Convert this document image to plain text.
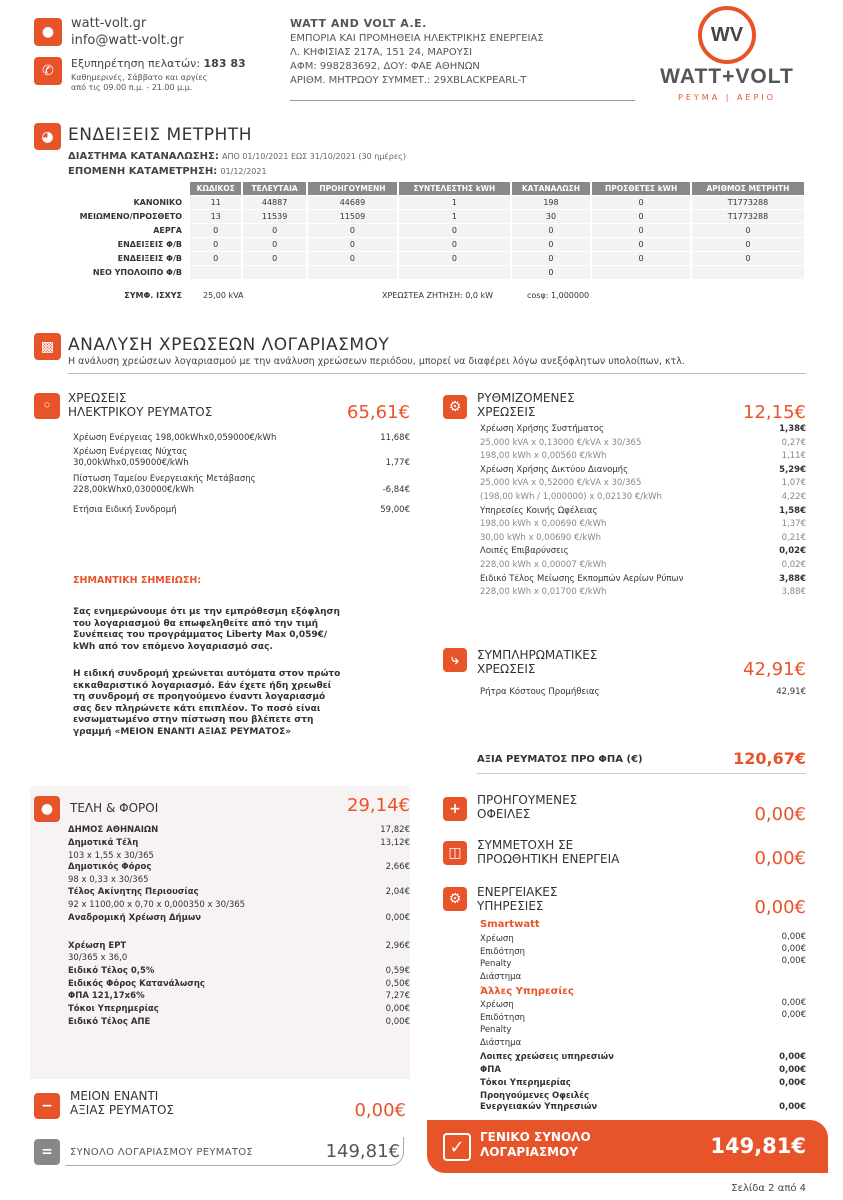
●
watt-volt.gr
info@watt-volt.gr
✆	Εξυπηρέτηση πελατών: 183 83
Καθημερινές, Σάββατο και αργίες
από τις 09.00 π.μ. - 21.00 μ.μ.
WATT AND VOLT A.E.
ΕΜΠΟΡΙΑ ΚΑΙ ΠΡΟΜΗΘΕΙΑ ΗΛΕΚΤΡΙΚΗΣ ΕΝΕΡΓΕΙΑΣ
Λ. ΚΗΦΙΣΙΑΣ 217Α, 151 24, ΜΑΡΟΥΣΙ
ΑΦΜ: 998283692, ΔΟΥ: ΦΑΕ ΑΘΗΝΩΝ
ΑΡΙΘΜ. ΜΗΤΡΩΟΥ ΣΥΜΜΕΤ.: 29XBLACKPEARL-T
WV
WATT+VOLT
ΡΕΥΜΑ | ΑΕΡΙΟ
◕ ΕΝΔΕΙΞΕΙΣ ΜΕΤΡΗΤΗ
ΔΙΑΣΤΗΜΑ ΚΑΤΑΝΑΛΩΣΗΣ: ΑΠΟ 01/10/2021 ΕΩΣ 31/10/2021 (30 ημέρες)
ΕΠΟΜΕΝΗ ΚΑΤΑΜΕΤΡΗΣΗ: 01/12/2021
	ΚΩΔΙΚΟΣ	ΤΕΛΕΥΤΑΙΑ	ΠΡΟΗΓΟΥΜΕΝΗ	ΣΥΝΤΕΛΕΣΤΗΣ kWH	ΚΑΤΑΝΑΛΩΣΗ	ΠΡΟΣΘΕΤΕΣ kWH	ΑΡΙΘΜΟΣ ΜΕΤΡΗΤΗ
ΚΑΝΟΝΙΚΟ	11	44887	44689	1	198	0	T1773288
ΜΕΙΩΜΕΝΟ/ΠΡΟΣΘΕΤΟ	13	11539	11509	1	30	0	T1773288
ΑΕΡΓΑ	0	0	0	0	0	0	0
ΕΝΔΕΙΞΕΙΣ Φ/Β	0	0	0	0	0	0	0
ΕΝΔΕΙΞΕΙΣ Φ/Β	0	0	0	0	0	0	0
ΝΕΟ ΥΠΟΛΟΙΠΟ Φ/Β					0		
ΣΥΜΦ. ΙΣΧΥΣ	25,00 kVA	ΧΡΕΩΣΤΕΑ ΖΗΤΗΣΗ: 0,0 kW	cosφ: 1,000000
▩ ΑΝΑΛΥΣΗ ΧΡΕΩΣΕΩΝ ΛΟΓΑΡΙΑΣΜΟΥ
Η ανάλυση χρεώσεων λογαριασμού με την ανάλυση χρεώσεων περιόδου, μπορεί να διαφέρει λόγω ανεξόφλητων υπολοίπων, κτλ.
◦	ΧΡΕΩΣΕΙΣ
ΗΛΕΚΤΡΙΚΟΥ ΡΕΥΜΑΤΟΣ	65,61€
Χρέωση Ενέργειας 198,00kWhx0,059000€/kWh	11,68€
Χρέωση Ενέργειας Νύχτας
30,00kWhx0,059000€/kWh	1,77€
Πίστωση Ταμείου Ενεργειακής Μετάβασης
228,00kWhx0,030000€/kWh	-6,84€
Ετήσια Ειδική Συνδρομή	59,00€
ΣΗΜΑΝΤΙΚΗ ΣΗΜΕΙΩΣΗ:
Σας ενημερώνουμε ότι με την εμπρόθεσμη εξόφληση
του λογαριασμού θα επωφεληθείτε από την τιμή
Συνέπειας του προγράμματος Liberty Max 0,059€/
kWh από τον επόμενο λογαριασμό σας.
Η ειδική συνδρομή χρεώνεται αυτόματα στον πρώτο
εκκαθαριστικό λογαριασμό. Εάν έχετε ήδη χρεωθεί
τη συνδρομή σε προηγούμενο έναντι λογαριασμό
σας δεν πληρώνετε κάτι επιπλέον. Το ποσό είναι
ενσωματωμένο στην πίστωση που βλέπετε στη
γραμμή «ΜΕΙΟΝ ΕΝΑΝΤΙ ΑΞΙΑΣ ΡΕΥΜΑΤΟΣ»
⚙
ΡΥΘΜΙΖΟΜΕΝΕΣ
ΧΡΕΩΣΕΙΣ	12,15€
Χρέωση Χρήσης Συστήματος	1,38€
25,000 kVA x 0,13000 €/kVA x 30/365	0,27€
198,00 kWh x 0,00560 €/kWh	1,11€
Χρέωση Χρήσης Δικτύου Διανομής	5,29€
25,000 kVA x 0,52000 €/kVA x 30/365	1,07€
(198,00 kWh / 1,000000) x 0,02130 €/kWh	4,22€
Υπηρεσίες Κοινής Ωφέλειας	1,58€
198,00 kWh x 0,00690 €/kWh	1,37€
30,00 kWh x 0,00690 €/kWh	0,21€
Λοιπές Επιβαρύνσεις	0,02€
228,00 kWh x 0,00007 €/kWh	0,02€
Ειδικό Τέλος Μείωσης Εκπομπών Αερίων Ρύπων	3,88€
228,00 kWh x 0,01700 €/kWh	3,88€
⤷	ΣΥΜΠΛΗΡΩΜΑΤΙΚΕΣ
ΧΡΕΩΣΕΙΣ	42,91€
Ρήτρα Κόστους Προμήθειας	42,91€
ΑΞΙΑ ΡΕΥΜΑΤΟΣ ΠΡΟ ΦΠΑ (€)	120,67€
●	ΤΕΛΗ & ΦΟΡΟΙ	29,14€
ΔΗΜΟΣ ΑΘΗΝΑΙΩΝ	17,82€
Δημοτικά Τέλη	13,12€
103 x 1,55 x 30/365
Δημοτικός Φόρος	2,66€
98 x 0,33 x 30/365
Τέλος Ακίνητης Περιουσίας	2,04€
92 x 1100,00 x 0,70 x 0,000350 x 30/365
Αναδρομική Χρέωση Δήμων	0,00€
Χρέωση ΕΡΤ	2,96€
30/365 x 36,0
Ειδικό Τέλος 0,5%	0,59€
Ειδικός Φόρος Κατανάλωσης	0,50€
ΦΠΑ 121,17x6%	7,27€
Τόκοι Υπερημερίας	0,00€
Ειδικό Τέλος ΑΠΕ	0,00€
+
ΠΡΟΗΓΟΥΜΕΝΕΣ
ΟΦΕΙΛΕΣ	0,00€
◫	ΣΥΜΜΕΤΟΧΗ ΣΕ
ΠΡΟΩΘΗΤΙΚΗ ΕΝΕΡΓΕΙΑ	0,00€
⚙	ΕΝΕΡΓΕΙΑΚΕΣ
ΥΠΗΡΕΣΙΕΣ	0,00€
Smartwatt
Χρέωση	0,00€
Επιδότηση	0,00€
Penalty	0,00€
Διάστημα
Άλλες Υπηρεσίες
Χρέωση	0,00€
Επιδότηση	0,00€
Penalty
Διάστημα
Λοιπες χρεώσεις υπηρεσιών	0,00€
ΦΠΑ	0,00€
Τόκοι Υπερημερίας	0,00€
Προηγούμενες Οφειλές
Ενεργειακών Υπηρεσιών	0,00€
−
ΜΕΙΟΝ ΕΝΑΝΤΙ
ΑΞΙΑΣ ΡΕΥΜΑΤΟΣ	0,00€
=	ΣΥΝΟΛΟ ΛΟΓΑΡΙΑΣΜΟΥ ΡΕΥΜΑΤΟΣ	149,81€	✓	ΓΕΝΙΚΟ ΣΥΝΟΛΟ
ΛΟΓΑΡΙΑΣΜΟΥ	149,81€
Σελίδα 2 από 4
